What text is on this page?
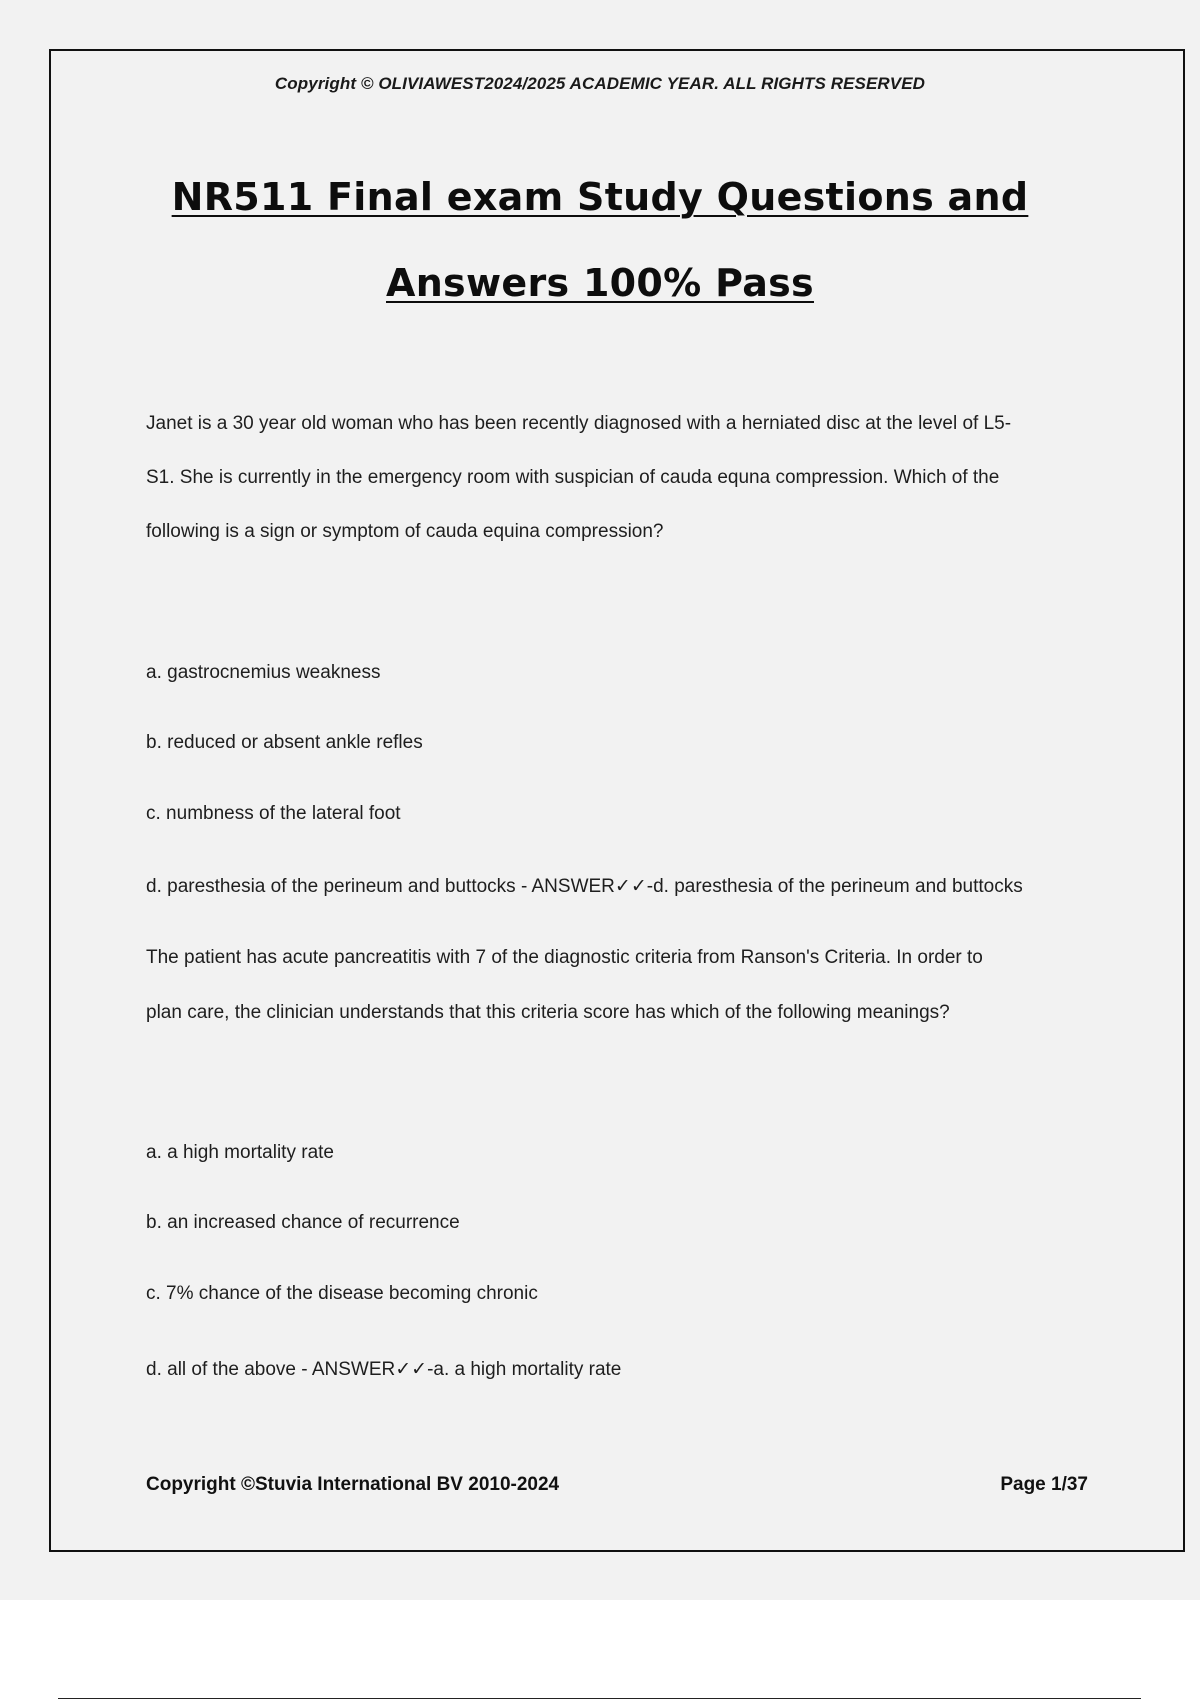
Copyright © OLIVIAWEST2024/2025 ACADEMIC YEAR. ALL RIGHTS RESERVED
NR511 Final exam Study Questions and
Answers 100% Pass
Janet is a 30 year old woman who has been recently diagnosed with a herniated disc at the level of L5-
S1. She is currently in the emergency room with suspician of cauda equna compression. Which of the
following is a sign or symptom of cauda equina compression?
a. gastrocnemius weakness
b. reduced or absent ankle refles
c. numbness of the lateral foot
d. paresthesia of the perineum and buttocks - ANSWER✓✓-d. paresthesia of the perineum and buttocks
The patient has acute pancreatitis with 7 of the diagnostic criteria from Ranson's Criteria. In order to
plan care, the clinician understands that this criteria score has which of the following meanings?
a. a high mortality rate
b. an increased chance of recurrence
c. 7% chance of the disease becoming chronic
d. all of the above - ANSWER✓✓-a. a high mortality rate
Copyright ©Stuvia International BV 2010-2024	Page 1/37
